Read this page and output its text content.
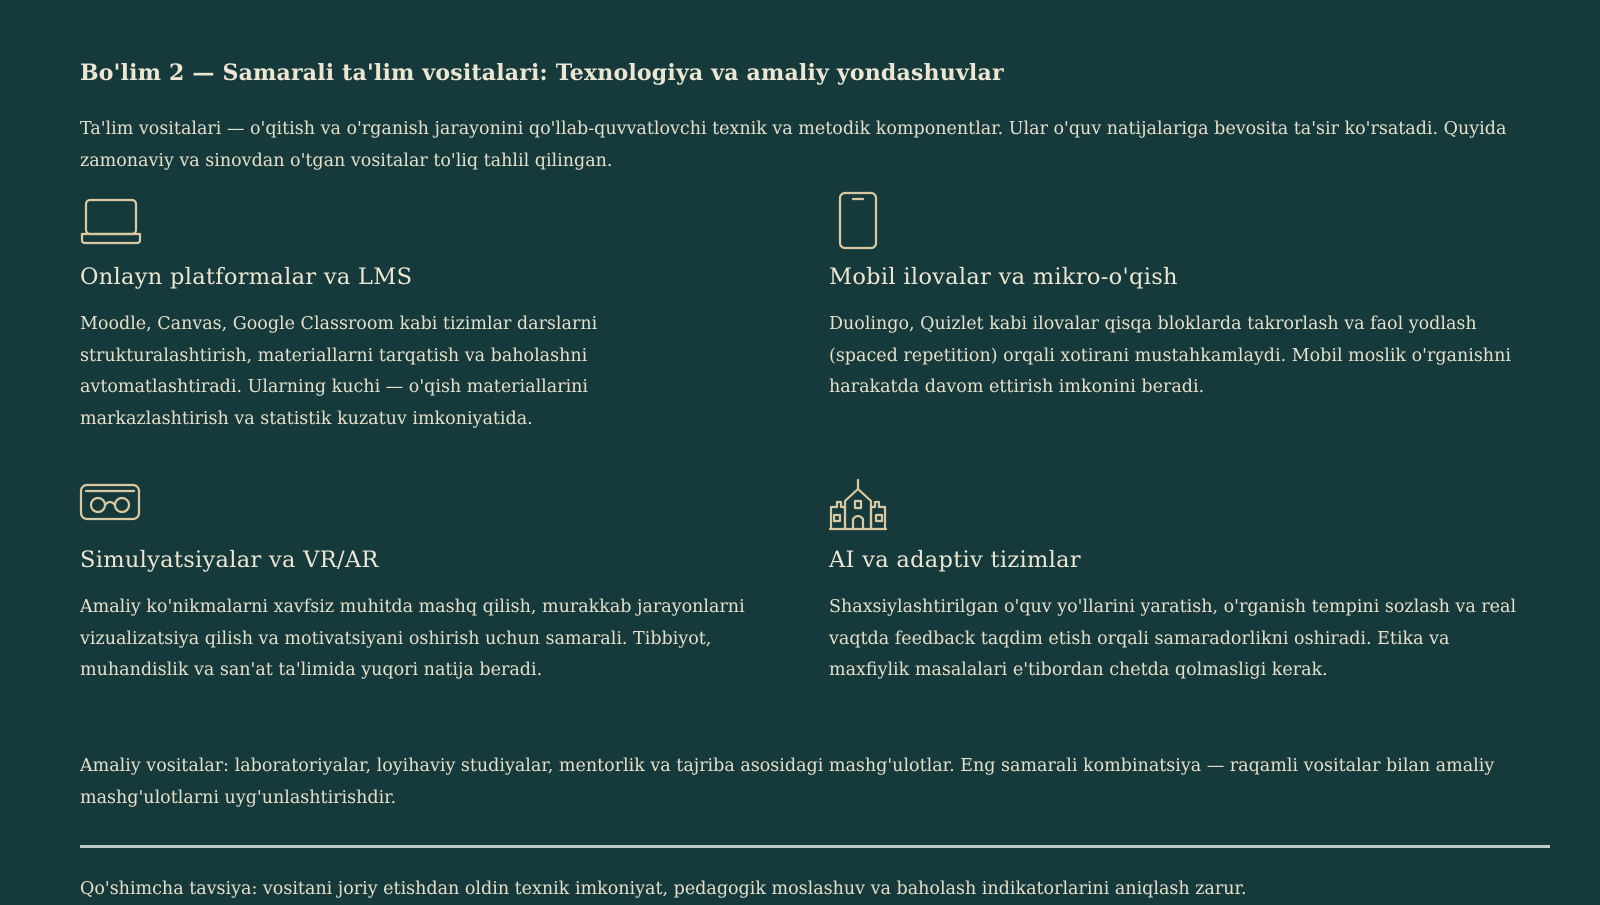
Bo'lim 2 — Samarali ta'lim vositalari: Texnologiya va amaliy yondashuvlar

Ta'lim vositalari — o'qitish va o'rganish jarayonini qo'llab-quvvatlovchi texnik va metodik komponentlar. Ular o'quv natijalariga bevosita ta'sir ko'rsatadi. Quyida zamonaviy va sinovdan o'tgan vositalar to'liq tahlil qilingan.

Onlayn platformalar va LMS

Moodle, Canvas, Google Classroom kabi tizimlar darslarni strukturalashtirish, materiallarni tarqatish va baholashni avtomatlashtiradi. Ularning kuchi — o'qish materiallarini markazlashtirish va statistik kuzatuv imkoniyatida.

Mobil ilovalar va mikro-o'qish

Duolingo, Quizlet kabi ilovalar qisqa bloklarda takrorlash va faol yodlash (spaced repetition) orqali xotirani mustahkamlaydi. Mobil moslik o'rganishni harakatda davom ettirish imkonini beradi.

Simulyatsiyalar va VR/AR

Amaliy ko'nikmalarni xavfsiz muhitda mashq qilish, murakkab jarayonlarni vizualizatsiya qilish va motivatsiyani oshirish uchun samarali. Tibbiyot, muhandislik va san'at ta'limida yuqori natija beradi.

AI va adaptiv tizimlar

Shaxsiylashtirilgan o'quv yo'llarini yaratish, o'rganish tempini sozlash va real vaqtda feedback taqdim etish orqali samaradorlikni oshiradi. Etika va maxfiylik masalalari e'tibordan chetda qolmasligi kerak.

Amaliy vositalar: laboratoriyalar, loyihaviy studiyalar, mentorlik va tajriba asosidagi mashg'ulotlar. Eng samarali kombinatsiya — raqamli vositalar bilan amaliy mashg'ulotlarni uyg'unlashtirishdir.

Qo'shimcha tavsiya: vositani joriy etishdan oldin texnik imkoniyat, pedagogik moslashuv va baholash indikatorlarini aniqlash zarur.
